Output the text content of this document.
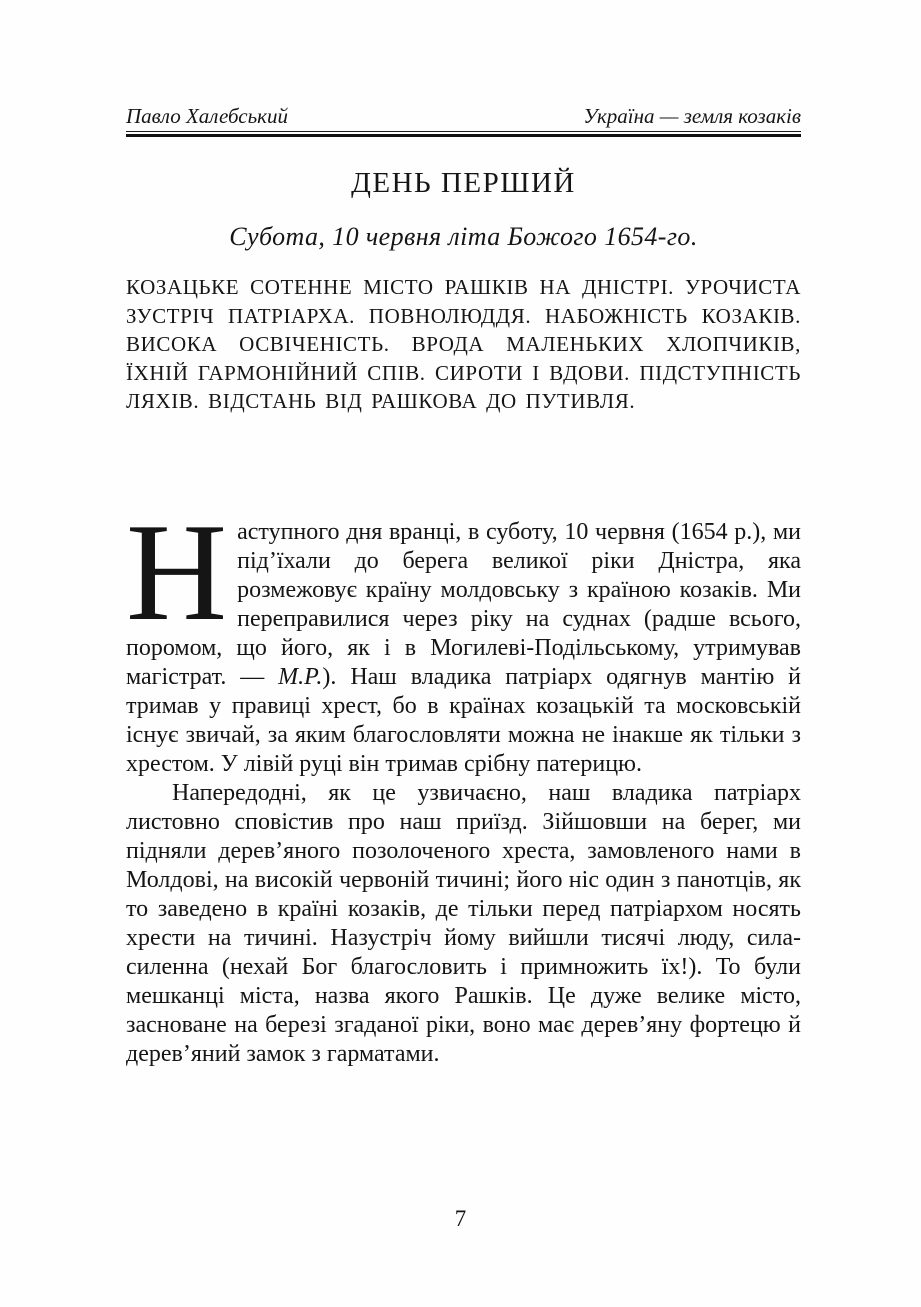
Павло Халебський	Україна — земля козаків
ДЕНЬ ПЕРШИЙ
Субота, 10 червня літа Божого 1654-го.

КОЗАЦЬКЕ СОТЕННЕ МІСТО РАШКІВ НА ДНІСТРІ. УРОЧИСТА ЗУСТРІЧ ПАТРІАРХА. ПОВНОЛЮДДЯ. НАБОЖНІСТЬ КОЗАКІВ. ВИСОКА ОСВІЧЕНІСТЬ. ВРОДА МАЛЕНЬКИХ ХЛОПЧИКІВ, ЇХНІЙ ГАРМОНІЙНИЙ СПІВ. СИРОТИ І ВДОВИ. ПІДСТУПНІСТЬ ЛЯХІВ. ВІДСТАНЬ ВІД РАШКОВА ДО ПУТИВЛЯ.

Наступного дня вранці, в суботу, 10 червня (1654 р.), ми під’їхали до берега великої ріки Дністра, яка розмежовує країну молдовську з країною козаків. Ми переправилися через ріку на суднах (радше всього, поромом, що його, як і в Могилеві-Подільському, утримував магістрат. — М.Р.). Наш владика патріарх одягнув мантію й тримав у правиці хрест, бо в країнах козацькій та московській існує звичай, за яким благословляти можна не інакше як тільки з хрестом. У лівій руці він тримав срібну патерицю.

Напередодні, як це узвичаєно, наш владика патріарх листовно сповістив про наш приїзд. Зійшовши на берег, ми підняли дерев’яного позолоченого хреста, замовленого нами в Молдові, на високій червоній тичині; його ніс один з панотців, як то заведено в країні козаків, де тільки перед патріархом носять хрести на тичині. Назустріч йому вийшли тисячі люду, сила-силенна (нехай Бог благословить і примножить їх!). То були мешканці міста, назва якого Рашків. Це дуже велике місто, засноване на березі згаданої ріки, воно має дерев’яну фортецю й дерев’яний замок з гарматами.

7
